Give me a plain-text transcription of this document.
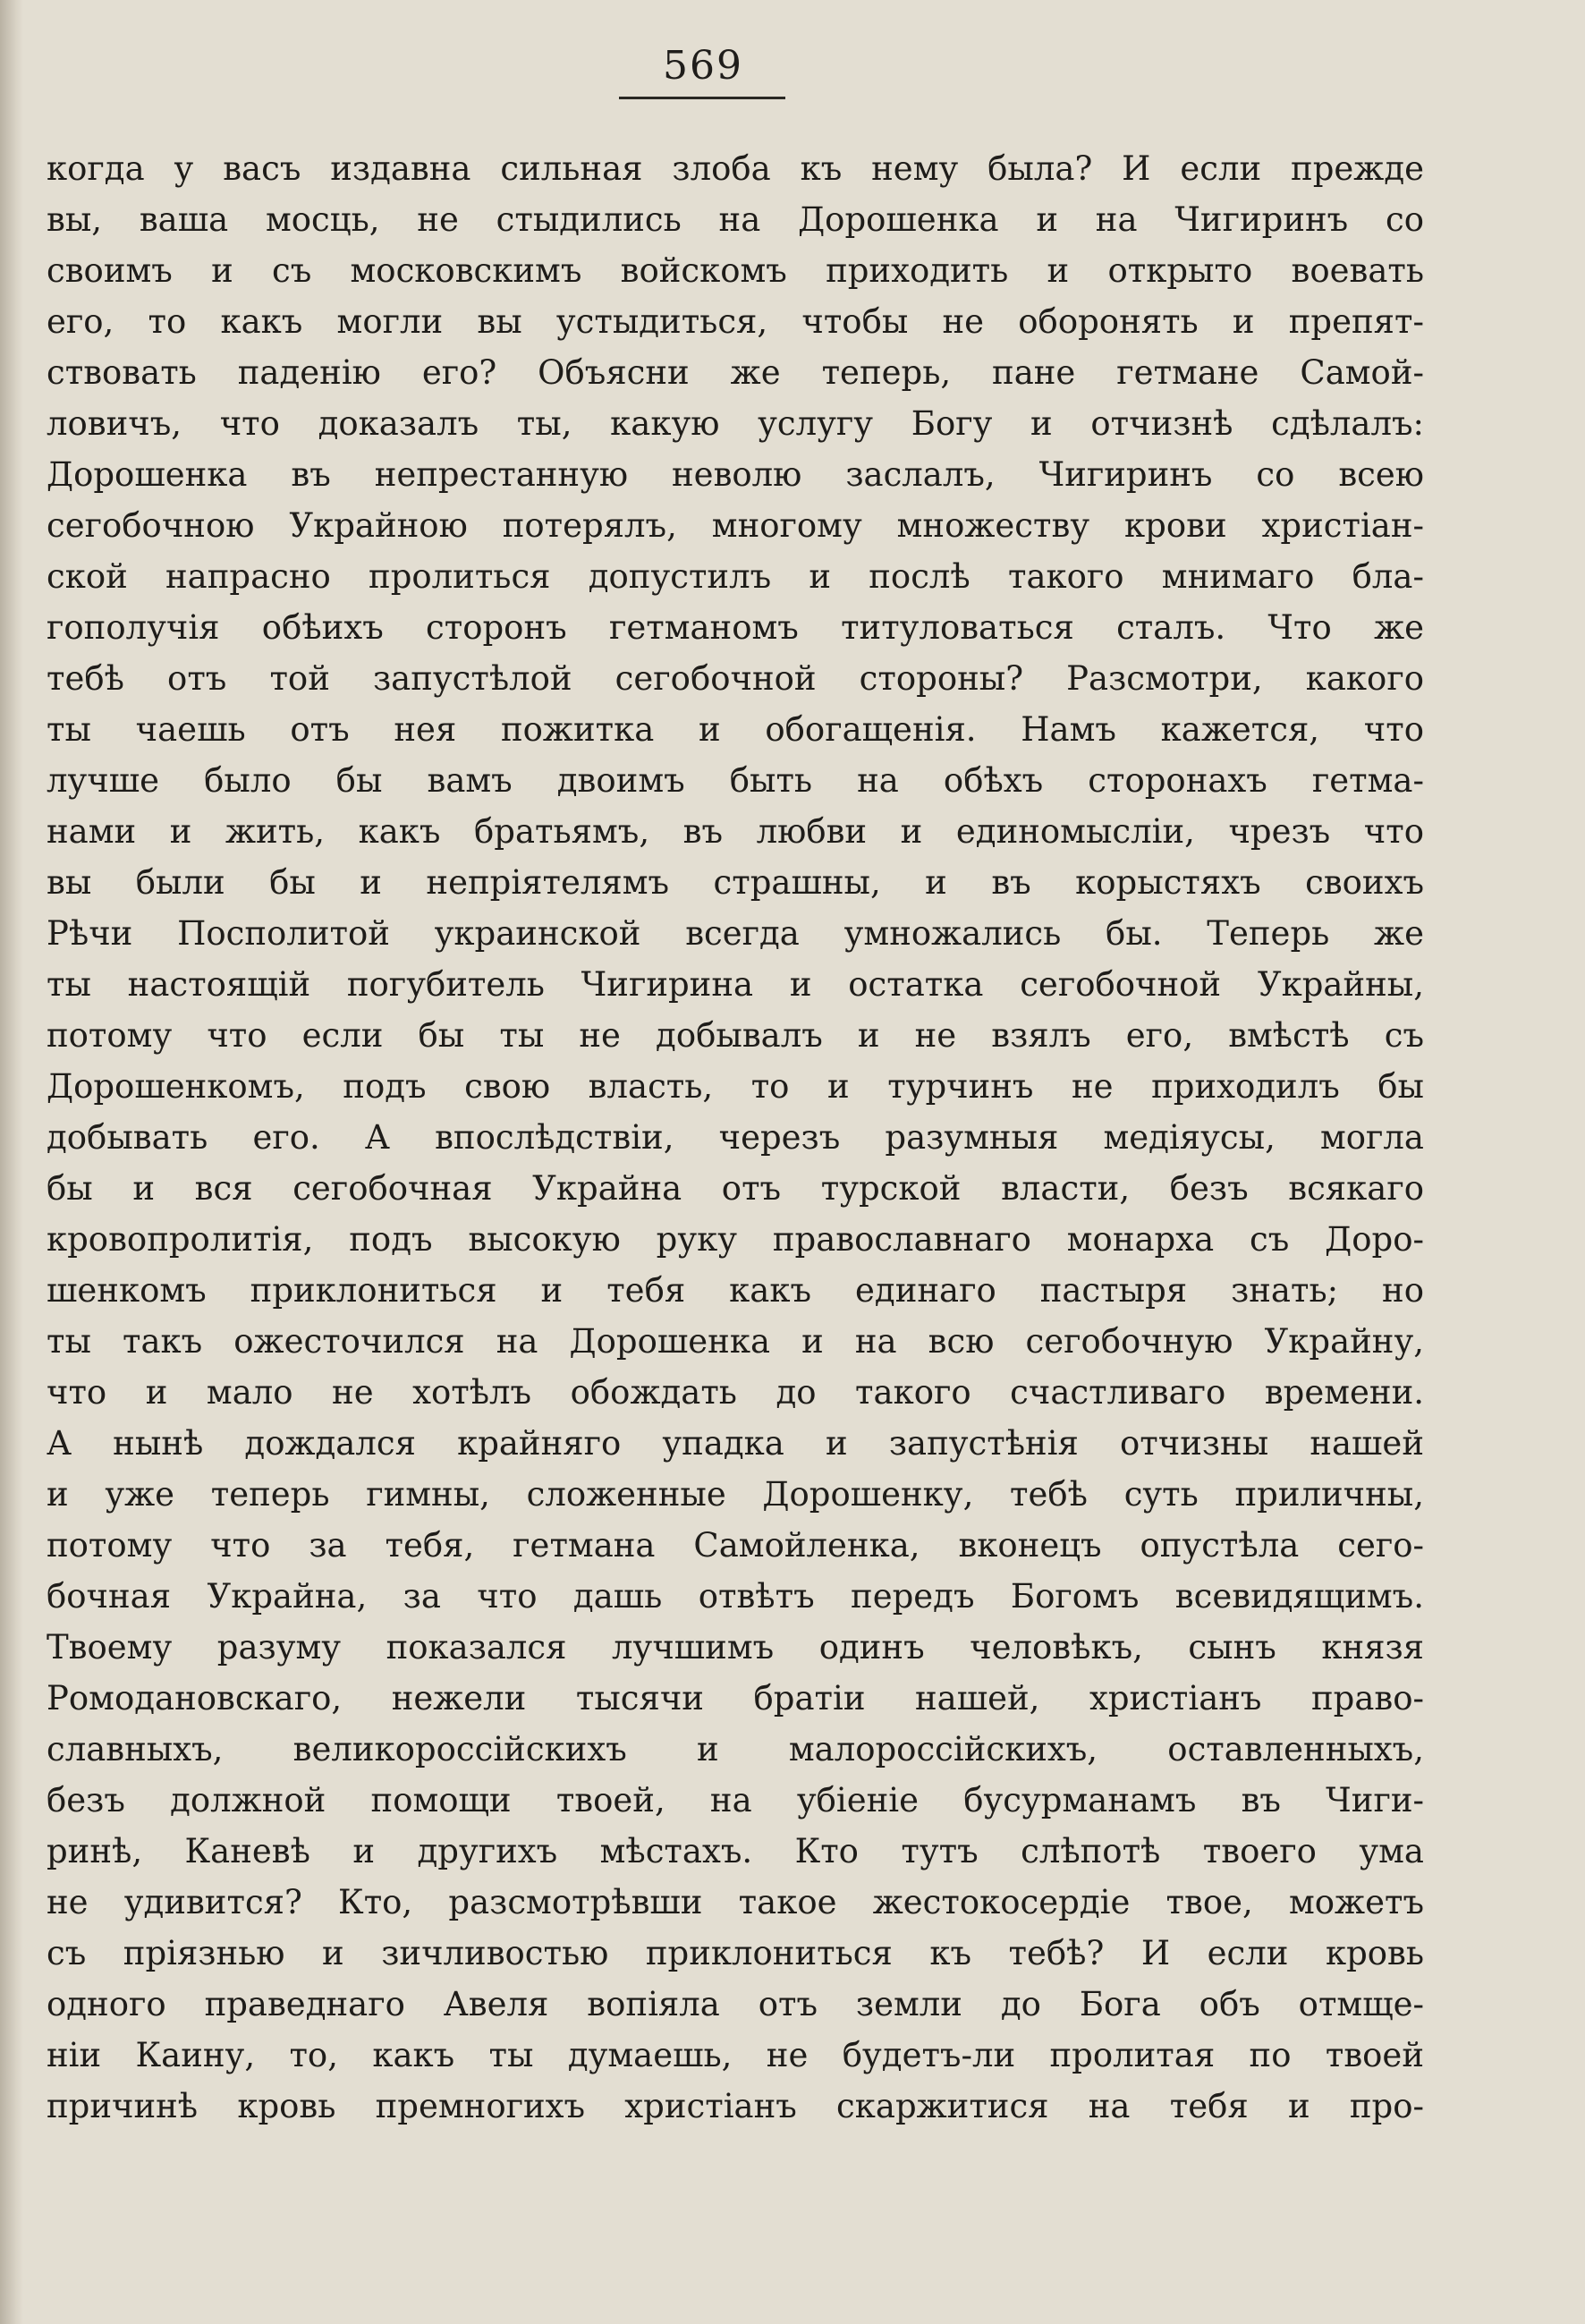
569
когда у васъ издавна сильная злоба къ нему была? И если прежде
вы, ваша мосць, не стыдились на Дорошенка и на Чигиринъ со
своимъ и съ московскимъ войскомъ приходить и открыто воевать
его, то какъ могли вы устыдиться, чтобы не оборонять и препят-
ствовать паденію его? Объясни же теперь, пане гетмане Самой-
ловичъ, что доказалъ ты, какую услугу Богу и отчизнѣ сдѣлалъ:
Дорошенка въ непрестанную неволю заслалъ, Чигиринъ со всею
сегобочною Украйною потерялъ, многому множеству крови христіан-
ской напрасно пролиться допустилъ и послѣ такого мнимаго бла-
гополучія обѣихъ сторонъ гетманомъ титуловаться сталъ. Что же
тебѣ отъ той запустѣлой сегобочной стороны? Разсмотри, какого
ты чаешь отъ нея пожитка и обогащенія. Намъ кажется, что
лучше было бы вамъ двоимъ быть на обѣхъ сторонахъ гетма-
нами и жить, какъ братьямъ, въ любви и единомысліи, чрезъ что
вы были бы и непріятелямъ страшны, и въ корыстяхъ своихъ
Рѣчи Посполитой украинской всегда умножались бы. Теперь же
ты настоящій погубитель Чигирина и остатка сегобочной Украйны,
потому что если бы ты не добывалъ и не взялъ его, вмѣстѣ съ
Дорошенкомъ, подъ свою власть, то и турчинъ не приходилъ бы
добывать его. А впослѣдствіи, черезъ разумныя медіяусы, могла
бы и вся сегобочная Украйна отъ турской власти, безъ всякаго
кровопролитія, подъ высокую руку православнаго монарха съ Доро-
шенкомъ приклониться и тебя какъ единаго пастыря знать; но
ты такъ ожесточился на Дорошенка и на всю сегобочную Украйну,
что и мало не хотѣлъ обождать до такого счастливаго времени.
А нынѣ дождался крайняго упадка и запустѣнія отчизны нашей
и уже теперь гимны, сложенные Дорошенку, тебѣ суть приличны,
потому что за тебя, гетмана Самойленка, вконецъ опустѣла сего-
бочная Украйна, за что дашь отвѣтъ передъ Богомъ всевидящимъ.
Твоему разуму показался лучшимъ одинъ человѣкъ, сынъ князя
Ромодановскаго, нежели тысячи братіи нашей, христіанъ право-
славныхъ, великороссійскихъ и малороссійскихъ, оставленныхъ,
безъ должной помощи твоей, на убіеніе бусурманамъ въ Чиги-
ринѣ, Каневѣ и другихъ мѣстахъ. Кто тутъ слѣпотѣ твоего ума
не удивится? Кто, разсмотрѣвши такое жестокосердіе твое, можетъ
съ пріязнью и зичливостью приклониться къ тебѣ? И если кровь
одного праведнаго Авеля вопіяла отъ земли до Бога объ отмще-
ніи Каину, то, какъ ты думаешь, не будетъ-ли пролитая по твоей
причинѣ кровь премногихъ христіанъ скаржитися на тебя и про-
